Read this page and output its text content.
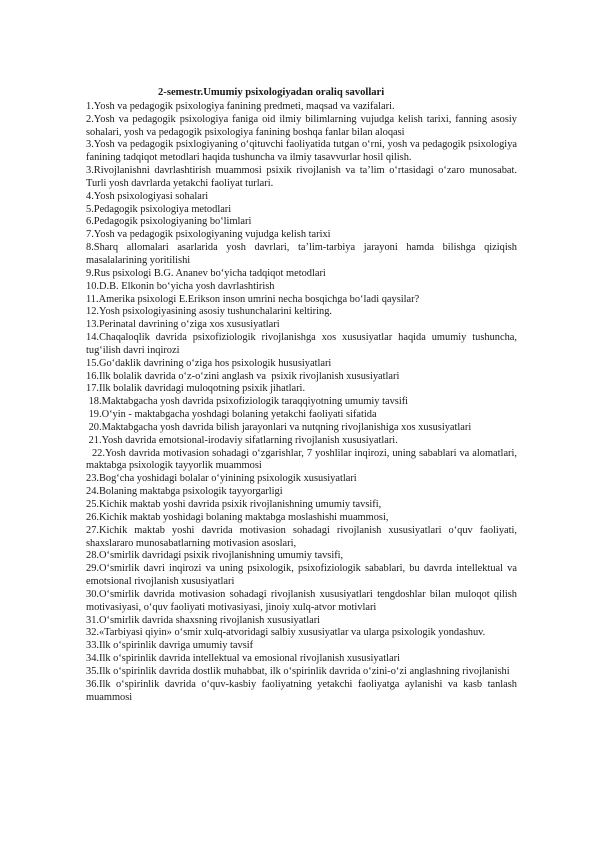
2-semestr.Umumiy psixologiyadan oraliq savollari

1.Yosh va pedagogik psixologiya fanining predmeti, maqsad va vazifalari.

2.Yosh va pedagogik psixologiya faniga oid ilmiy bilimlarning vujudga kelish tarixi, fanning asosiy sohalari, yosh va pedagogik psixologiya fanining boshqa fanlar bilan aloqasi

3.Yosh va pedagogik psixlogiyaning o‘qituvchi faoliyatida tutgan o‘rni, yosh va pedagogik psixologiya fanining tadqiqot metodlari haqida tushuncha va ilmiy tasavvurlar hosil qilish.

3.Rivojlanishni davrlashtirish muammosi psixik rivojlanish va ta’lim o‘rtasidagi o‘zaro munosabat. Turli yosh davrlarda yetakchi faoliyat turlari.

4.Yosh psixologiyasi sohalari

5.Pedagogik psixologiya metodlari

6.Pedagogik psixologiyaning bo‘limlari

7.Yosh va pedagogik psixologiyaning vujudga kelish tarixi

8.Sharq allomalari asarlarida yosh davrlari, ta’lim-tarbiya jarayoni hamda bilishga qiziqish masalalarining yoritilishi

9.Rus psixologi B.G. Ananev bo‘yicha tadqiqot metodlari

10.D.B. Elkonin bo‘yicha yosh davrlashtirish

11.Amerika psixologi E.Erikson inson umrini necha bosqichga bo‘ladi qaysilar?

12.Yosh psixologiyasining asosiy tushunchalarini keltiring.

13.Perinatal davrining o‘ziga xos xususiyatlari

14.Chaqaloqlik davrida psixofiziologik rivojlanishga xos xususiyatlar haqida umumiy tushuncha, tug‘ilish davri inqirozi

15.Go‘daklik davrining o‘ziga hos psixologik hususiyatlari

16.Ilk bolalik davrida o‘z-o‘zini anglash va  psixik rivojlanish xususiyatlari

17.Ilk bolalik davridagi muloqotning psixik jihatlari.

18.Maktabgacha yosh davrida psixofiziologik taraqqiyotning umumiy tavsifi

19.O‘yin - maktabgacha yoshdagi bolaning yetakchi faoliyati sifatida

20.Maktabgacha yosh davrida bilish jarayonlari va nutqning rivojlanishiga xos xususiyatlari

21.Yosh davrida emotsional-irodaviy sifatlarning rivojlanish xususiyatlari.

22.Yosh davrida motivasion sohadagi o‘zgarishlar, 7 yoshlilar inqirozi, uning sabablari va alomatlari, maktabga psixologik tayyorlik muammosi

23.Bog‘cha yoshidagi bolalar o‘yinining psixologik xususiyatlari

24.Bolaning maktabga psixologik tayyorgarligi

25.Kichik maktab yoshi davrida psixik rivojlanishning umumiy tavsifi,

26.Kichik maktab yoshidagi bolaning maktabga moslashishi muammosi,

27.Kichik maktab yoshi davrida motivasion sohadagi rivojlanish xususiyatlari o‘quv faoliyati, shaxslararo munosabatlarning motivasion asoslari,

28.O‘smirlik davridagi psixik rivojlanishning umumiy tavsifi,

29.O‘smirlik davri inqirozi va uning psixologik, psixofiziologik sabablari, bu davrda intellektual va emotsional rivojlanish xususiyatlari

30.O‘smirlik davrida motivasion sohadagi rivojlanish xususiyatlari tengdoshlar bilan muloqot qilish motivasiyasi, o‘quv faoliyati motivasiyasi, jinoiy xulq-atvor motivlari

31.O‘smirlik davrida shaxsning rivojlanish xususiyatlari

32.«Tarbiyasi qiyin» o‘smir xulq-atvoridagi salbiy xususiyatlar va ularga psixologik yondashuv.

33.Ilk o‘spirinlik davriga umumiy tavsif

34.Ilk o‘spirinlik davrida intellektual va emosional rivojlanish xususiyatlari

35.Ilk o‘spirinlik davrida dostlik muhabbat, ilk o‘spirinlik davrida o‘zini-o‘zi anglashning rivojlanishi

36.Ilk o‘spirinlik davrida o‘quv-kasbiy faoliyatning yetakchi faoliyatga aylanishi va kasb tanlash muammosi
